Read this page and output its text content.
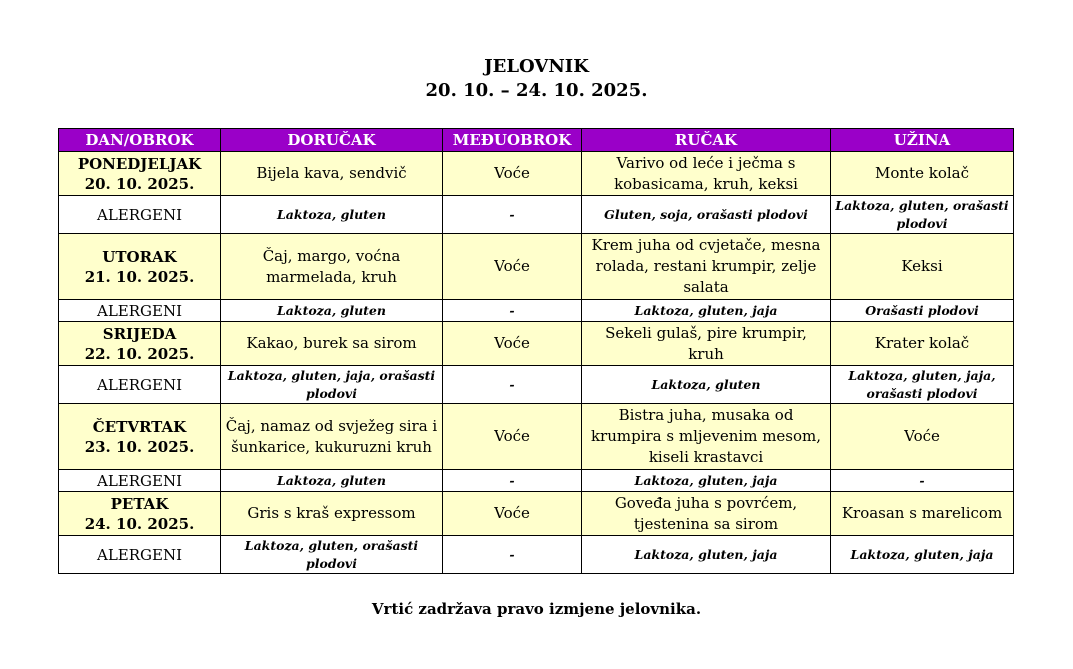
JELOVNIK
20. 10. – 24. 10. 2025.
DAN/OBROK	DORUČAK	MEĐUOBROK	RUČAK	UŽINA

PONEDJELJAK
20. 10. 2025.	Bijela kava, sendvič	Voće	Varivo od leće i ječma s kobasicama, kruh, keksi	Monte kolač
ALERGENI	Laktoza, gluten	-	Gluten, soja, orašasti plodovi	Laktoza, gluten, orašasti plodovi

UTORAK
21. 10. 2025.	Čaj, margo, voćna marmelada, kruh	Voće	Krem juha od cvjetače, mesna rolada, restani krumpir, zelje salata	Keksi
ALERGENI	Laktoza, gluten	-	Laktoza, gluten, jaja	Orašasti plodovi

SRIJEDA
22. 10. 2025.	Kakao, burek sa sirom	Voće	Sekeli gulaš, pire krumpir, kruh	Krater kolač
ALERGENI	Laktoza, gluten, jaja, orašasti plodovi	-	Laktoza, gluten	Laktoza, gluten, jaja, orašasti plodovi

ČETVRTAK
23. 10. 2025.	Čaj, namaz od svježeg sira i šunkarice, kukuruzni kruh	Voće	Bistra juha, musaka od krumpira s mljevenim mesom, kiseli krastavci	Voće
ALERGENI	Laktoza, gluten	-	Laktoza, gluten, jaja	-

PETAK
24. 10. 2025.	Gris s kraš expressom	Voće	Goveđa juha s povrćem, tjestenina sa sirom	Kroasan s marelicom
ALERGENI	Laktoza, gluten, orašasti plodovi	-	Laktoza, gluten, jaja	Laktoza, gluten, jaja
Vrtić zadržava pravo izmjene jelovnika.
